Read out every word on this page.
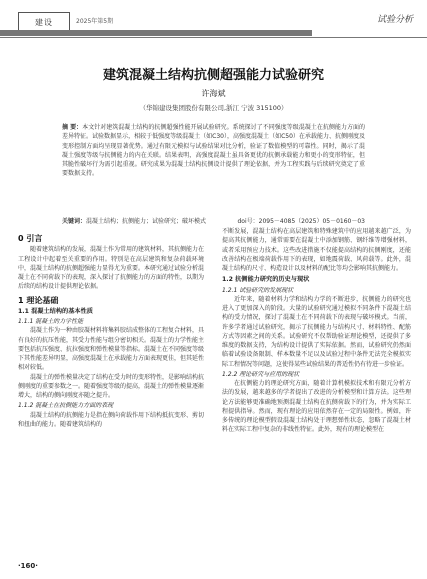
建设	2025年第5期	试验分析
建筑混凝土结构抗侧超强能力试验研究
许海斌
（华锦建设集团股份有限公司,浙江 宁波 315100）
摘 要：本文针对建筑混凝土结构的抗侧超强性能开展试验研究。系统探讨了不同强度等级混凝土在抗侧能力方面的差异特征。试验数据显示，相较于低强度等级混凝土（如C30），高强度混凝土（如C50）在承载能力、抗侧刚度及变形控制方面均呈现显著优势。通过有限元模拟与试验结果对比分析，验证了数值模型的可靠性。同时，揭示了混凝土强度等级与抗侧能力的内在关联。结果表明，高强度混凝土虽具备更优的抗侧承载能力和更小的变形特征，但其脆性破坏行为需引起重视。研究成果为混凝土结构抗侧设计提供了理论依据，并为工程实践与后续研究奠定了重要数据支持。
关键词：混凝土结构；抗侧能力；试验研究；破坏模式	doi号：2095－4085（2025）05－0160－03
0 引言

随着建筑结构的发展，混凝土作为常用的建筑材料，其抗侧能力在工程设计中起着至关重要的作用。特别是在高层建筑和复杂荷载环境中，混凝土结构的抗侧超强能力显得尤为重要。本研究通过试验分析混凝土在不同荷载下的表现，深入探讨了抗侧能力的方面的特性，以期为后续的结构设计提供理论依据。

1 理论基础
1.1 混凝土结构的基本性质
1.1.1 混凝土的力学性能

混凝土作为一种由胶凝材料将集料胶结成整体的工程复合材料，具有良好的抗压性能，其受力性能与组分密切相关。混凝土的力学性能主要包括抗压强度、抗拉强度和弹性模量等指标。混凝土在不同强度等级下其性能差异明显，高强度混凝土在承载能力方面表现更佳，但其延性相对较低。

混凝土的弹性模量决定了结构在受力时的变形特性，是影响结构抗侧刚度的重要参数之一。随着强度等级的提高，混凝土的弹性模量逐渐增大，结构的侧向刚度亦随之提升。

1.1.2 混凝土在抗侧能力方面的表现

混凝土结构的抗侧能力是指在侧向荷载作用下结构抵抗变形、剪切和扭曲的能力。随着建筑结构的

不断发展，混凝土结构在高层建筑和特殊建筑中的应用越来越广泛，为提高其抗侧能力，通常需要在混凝土中添加钢筋、钢纤维等增强材料，或者采用预应力技术。这些改进措施不仅能提高结构的抗侧刚度，还能改善结构在极端荷载作用下的表现，如地震荷载、风荷载等。此外，混凝土结构的尺寸、构造设计以及材料的配比等均会影响其抗侧能力。

1.2 抗侧能力研究的历史与现状
1.2.1 试验研究的发展现状

近年来，随着材料力学和结构力学的不断进步，抗侧能力的研究也进入了更加深入的阶段。大量的试验研究通过模拟不同条件下混凝土结构的受力情况，探讨了混凝土在不同荷载下的表现与破坏模式。当前，许多学者通过试验研究，揭示了抗侧能力与结构尺寸、材料特性、配筋方式等因素之间的关系。试验研究不仅帮助验证理论模型，还提供了多维度的数据支持，为结构设计提供了实际依据。然而，试验研究仍然面临着试验设备限制、样本数量不足以及试验过程中条件无法完全模拟实际工程情况等问题，这使得某些试验结果的普适性仍有待进一步验证。

1.2.2 理论研究与应用的现状

在抗侧能力的理论研究方面，随着计算机模拟技术和有限元分析方法的发展，越来越多的学者提出了改进的分析模型和计算方法。这些理论方法能够更准确地预测混凝土结构在抗侧荷载下的行为，并为实际工程提供指导。然而，现有理论的应用依然存在一定的局限性。例如，许多传统的理论模型假设混凝土结构处于理想弹性状态，忽略了混凝土材料在实际工程中复杂的非线性特征。此外，现有的理论模型在

·160·
